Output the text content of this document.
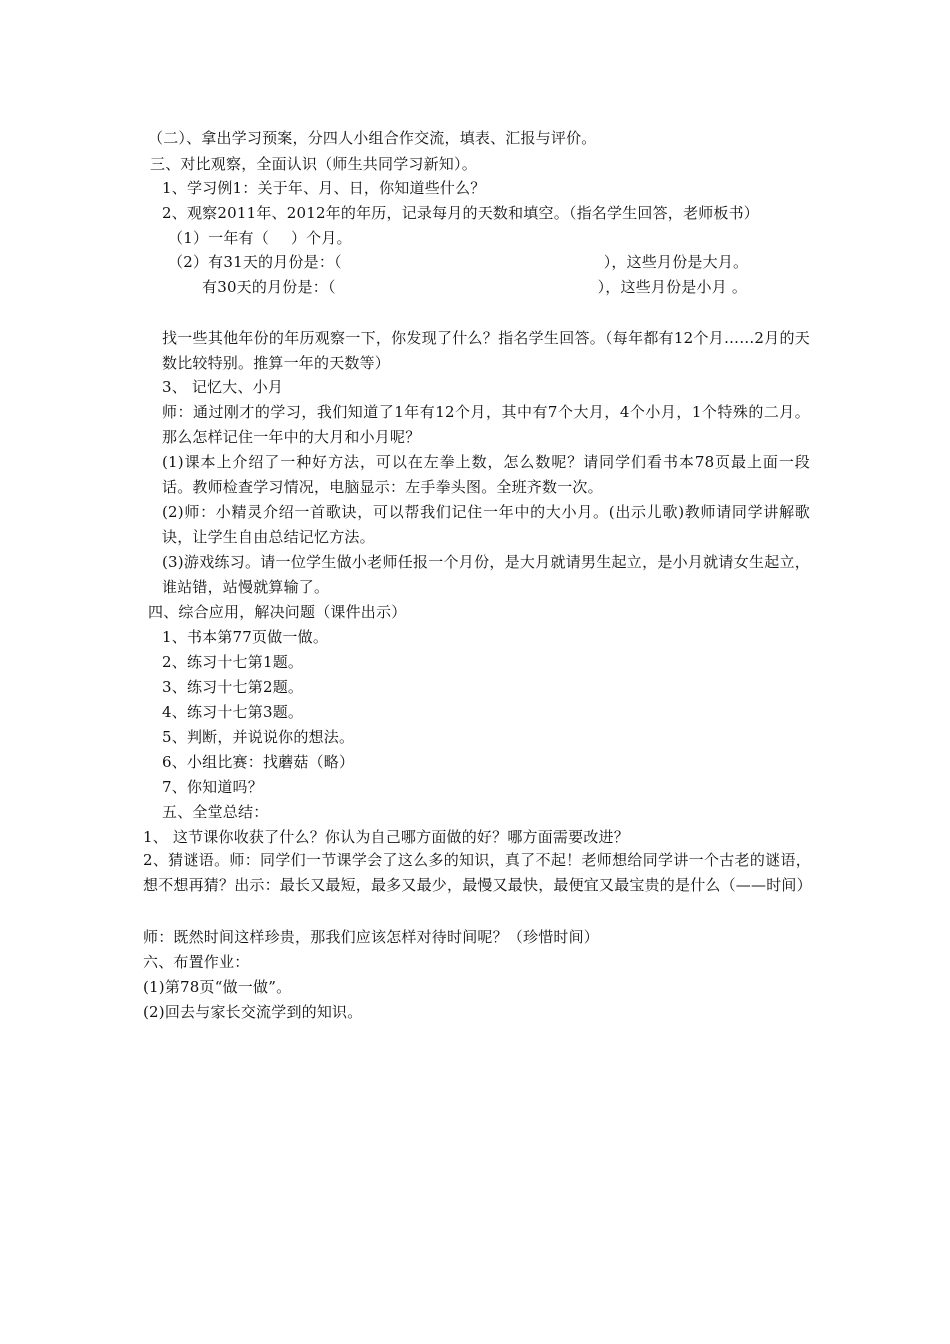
（二）、拿出学习预案，分四人小组合作交流，填表、汇报与评价。
三、对比观察，全面认识（师生共同学习新知）。
1、学习例1：关于年、月、日，你知道些什么？
2、观察2011年、2012年的年历，记录每月的天数和填空。（指名学生回答，老师板书）
（1）一年有（ ）个月。
（2）有31天的月份是：（	），这些月份是大月。
有30天的月份是：（	），这些月份是小月 。
找一些其他年份的年历观察一下，你发现了什么？指名学生回答。（每年都有12个月……2月的天数比较特别。推算一年的天数等）
3、 记忆大、小月
师：通过刚才的学习，我们知道了1年有12个月，其中有7个大月，4个小月，1个特殊的二月。那么怎样记住一年中的大月和小月呢？
(1)课本上介绍了一种好方法，可以在左拳上数，怎么数呢？请同学们看书本78页最上面一段话。教师检查学习情况，电脑显示：左手拳头图。全班齐数一次。
(2)师：小精灵介绍一首歌诀，可以帮我们记住一年中的大小月。(出示儿歌)教师请同学讲解歌诀，让学生自由总结记忆方法。
(3)游戏练习。请一位学生做小老师任报一个月份，是大月就请男生起立，是小月就请女生起立，谁站错，站慢就算输了。
四、综合应用，解决问题（课件出示）
1、书本第77页做一做。
2、练习十七第1题。
3、练习十七第2题。
4、练习十七第3题。
5、判断，并说说你的想法。
6、小组比赛：找蘑菇（略）
7、你知道吗？
五、全堂总结：
1、 这节课你收获了什么？你认为自己哪方面做的好？哪方面需要改进？
2、猜谜语。师：同学们一节课学会了这么多的知识，真了不起！老师想给同学讲一个古老的谜语，想不想再猜？出示：最长又最短，最多又最少，最慢又最快，最便宜又最宝贵的是什么（——时间）
师：既然时间这样珍贵，那我们应该怎样对待时间呢？（珍惜时间）
六、布置作业：
(1)第78页“做一做”。
(2)回去与家长交流学到的知识。
